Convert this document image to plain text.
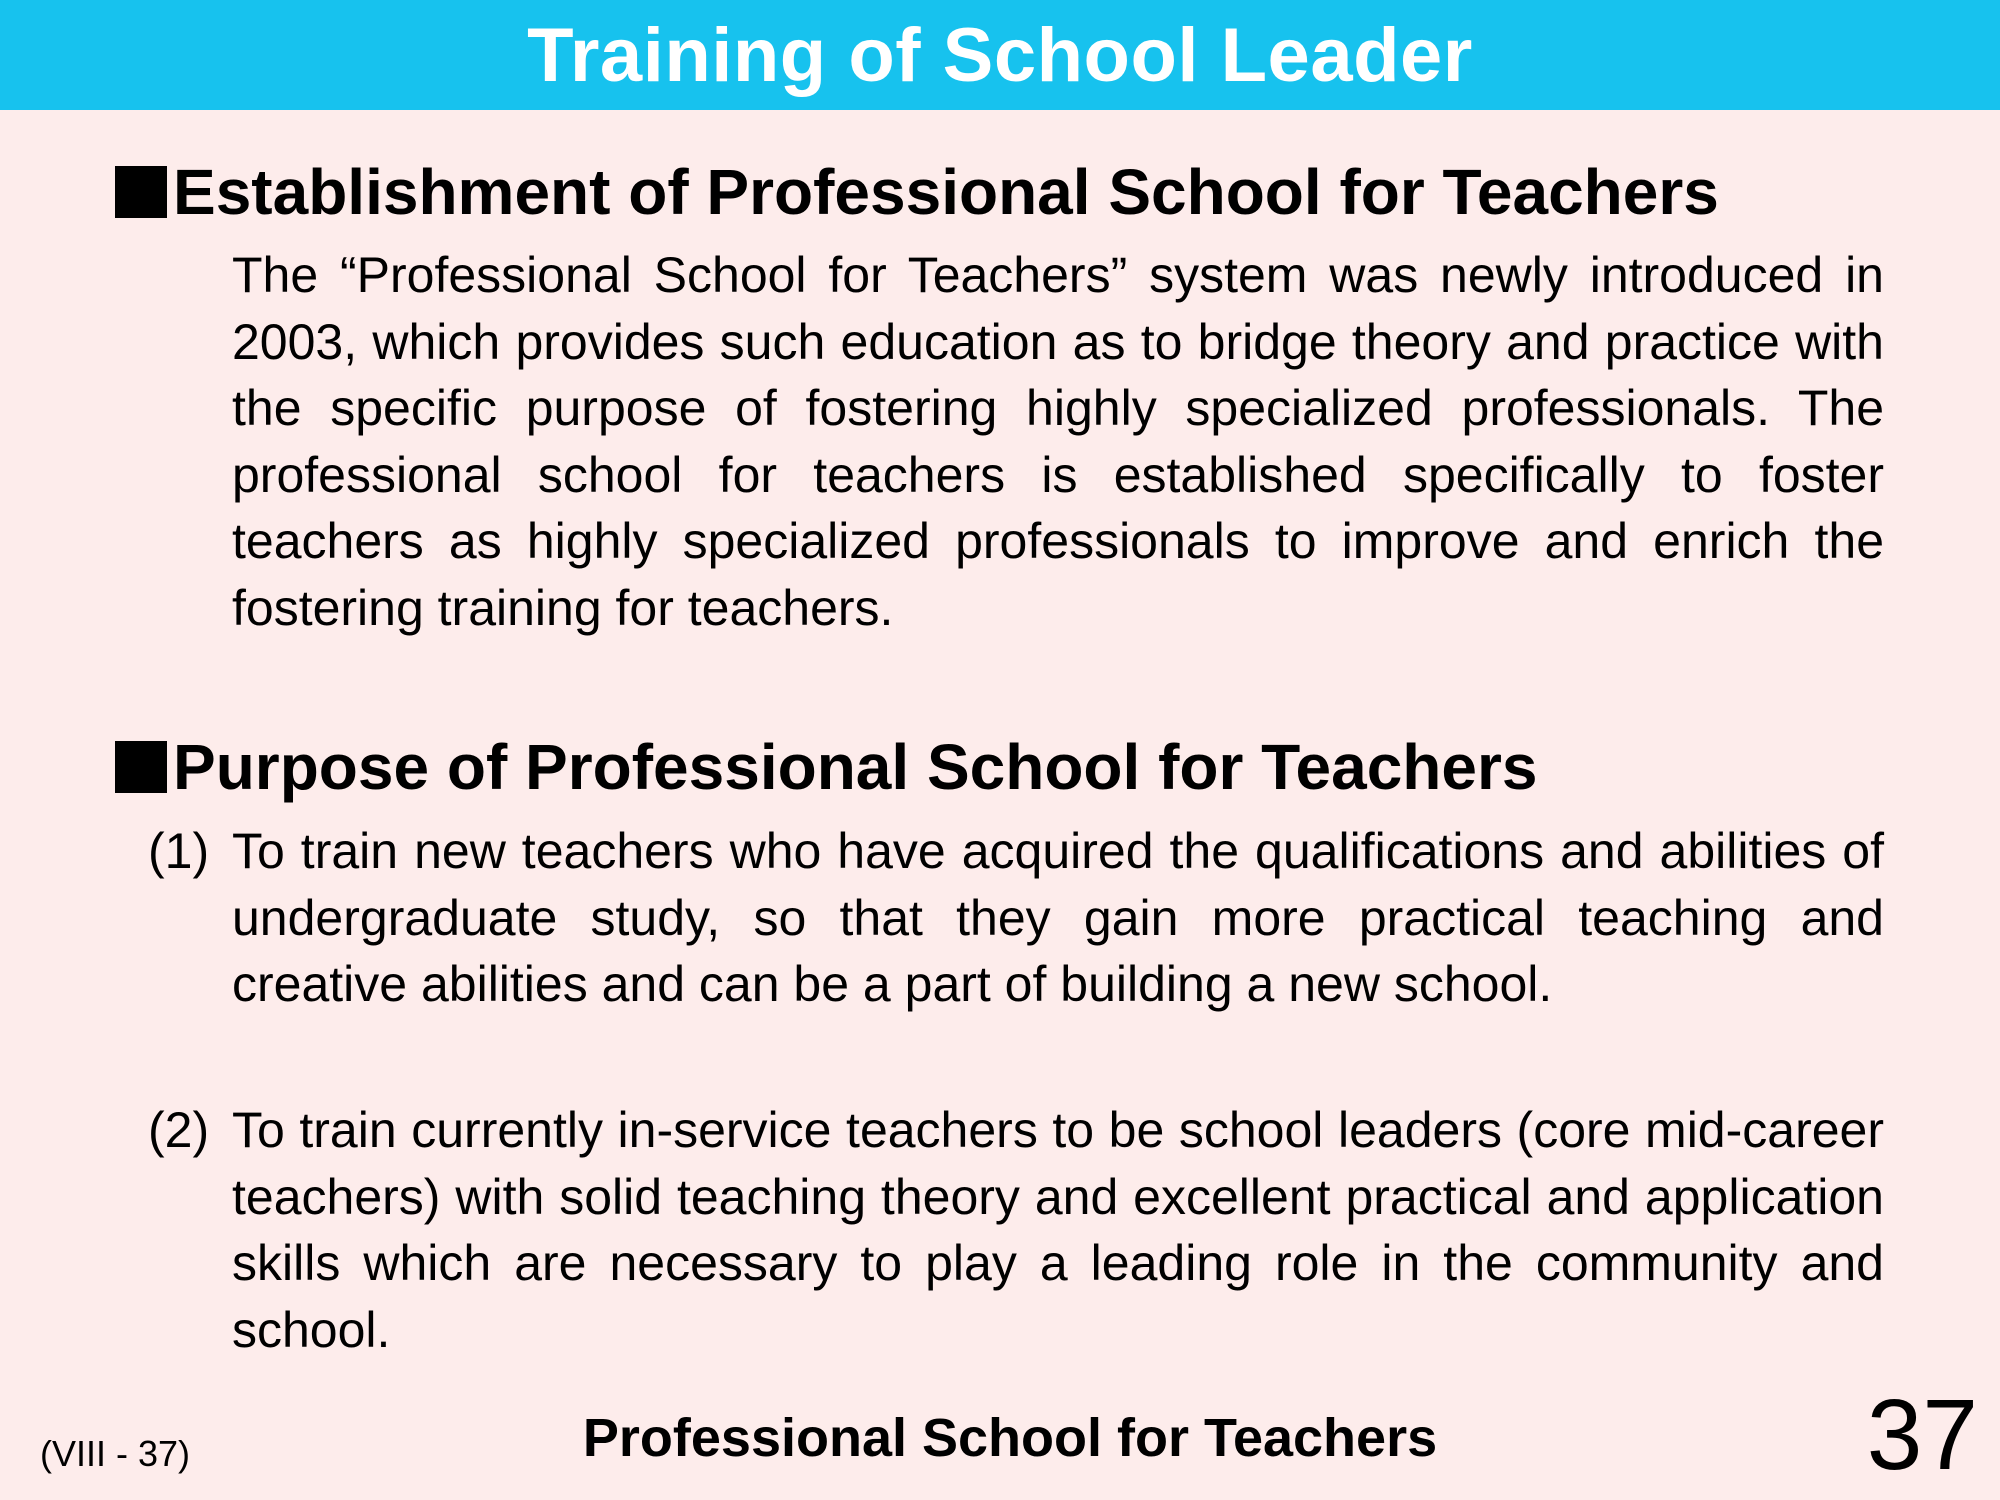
Training of School Leader
Establishment of Professional School for Teachers

The “Professional School for Teachers” system was newly introduced in 2003, which provides such education as to bridge theory and practice with the specific purpose of fostering highly specialized professionals. The professional school for teachers is established specifically to foster teachers as highly specialized professionals to improve and enrich the fostering training for teachers.

Purpose of Professional School for Teachers
(1) To train new teachers who have acquired the qualifications and abilities of undergraduate study, so that they gain more practical teaching and creative abilities and can be a part of building a new school.
(2) To train currently in-service teachers to be school leaders (core mid-career teachers) with solid teaching theory and excellent practical and application skills which are necessary to play a leading role in the community and school.
(VIII - 37)	Professional School for Teachers	37
